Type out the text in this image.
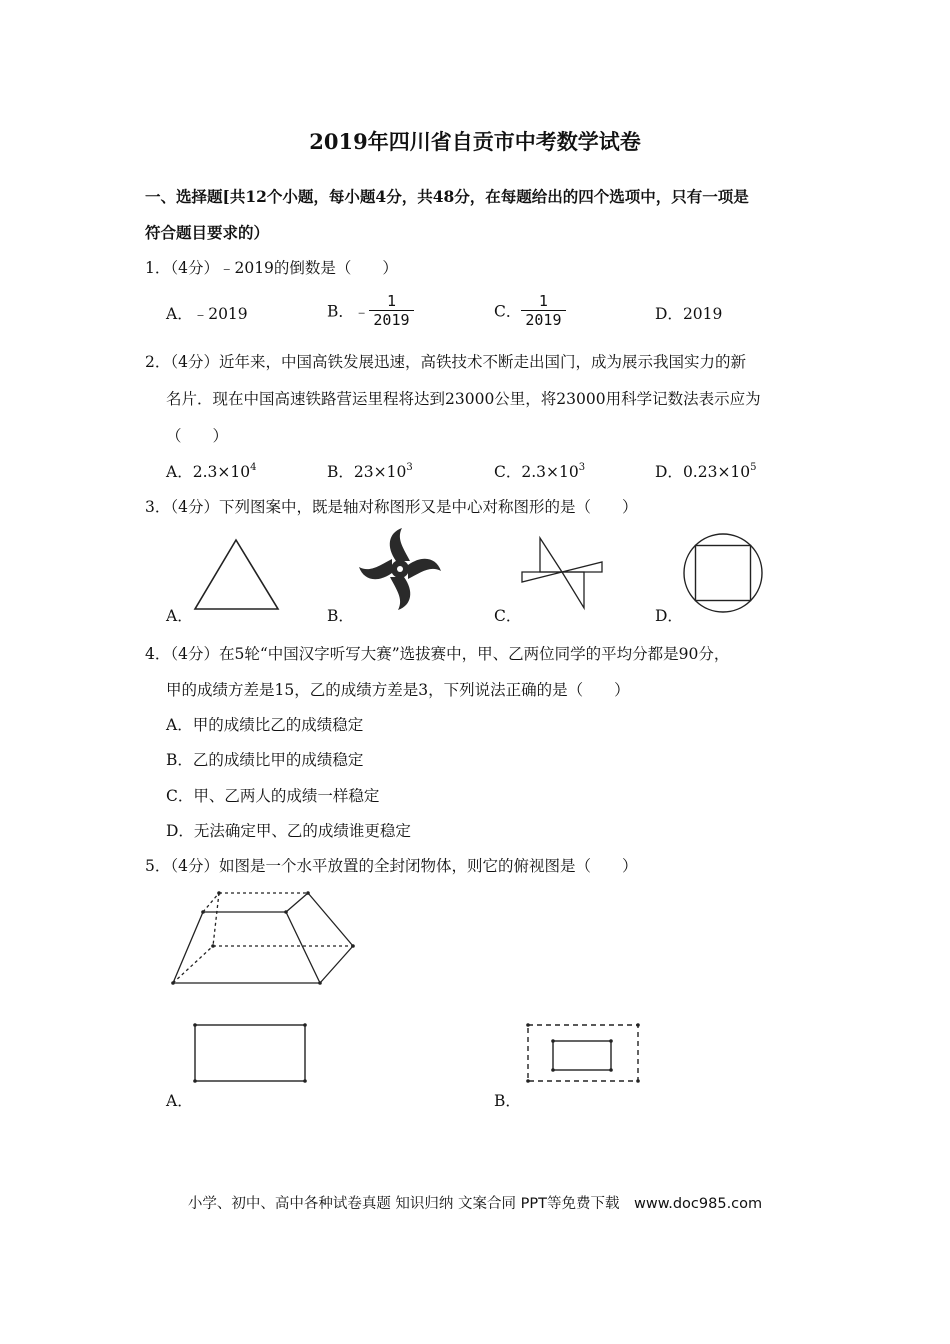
2019年四川省自贡市中考数学试卷
一、选择题[共12个小题，每小题4分，共48分，在每题给出的四个选项中，只有一项是
符合题目要求的）
1．（4分）﹣2019的倒数是（　　）
A．﹣2019	B．﹣ $\frac{1}{2019}$	C． $\frac{1}{2019}$	D．2019
2．（4分）近年来，中国高铁发展迅速，高铁技术不断走出国门，成为展示我国实力的新
名片．现在中国高速铁路营运里程将达到23000公里，将23000用科学记数法表示应为
（　　）
A．$2.3\times 10^4$	B．$23\times 10^3$	C．$2.3\times 10^3$	D．$0.23\times 10^5$
3．（4分）下列图案中，既是轴对称图形又是中心对称图形的是（　　）
A．	B．	C．	D．
4．（4分）在5轮“中国汉字听写大赛”选拔赛中，甲、乙两位同学的平均分都是90分，
甲的成绩方差是15，乙的成绩方差是3，下列说法正确的是（　　）
A．甲的成绩比乙的成绩稳定
B．乙的成绩比甲的成绩稳定
C．甲、乙两人的成绩一样稳定
D．无法确定甲、乙的成绩谁更稳定
5．（4分）如图是一个水平放置的全封闭物体，则它的俯视图是（　　）
A．	B．
小学、初中、高中各种试卷真题 知识归纳 文案合同 PPT等免费下载　www.doc985.com
